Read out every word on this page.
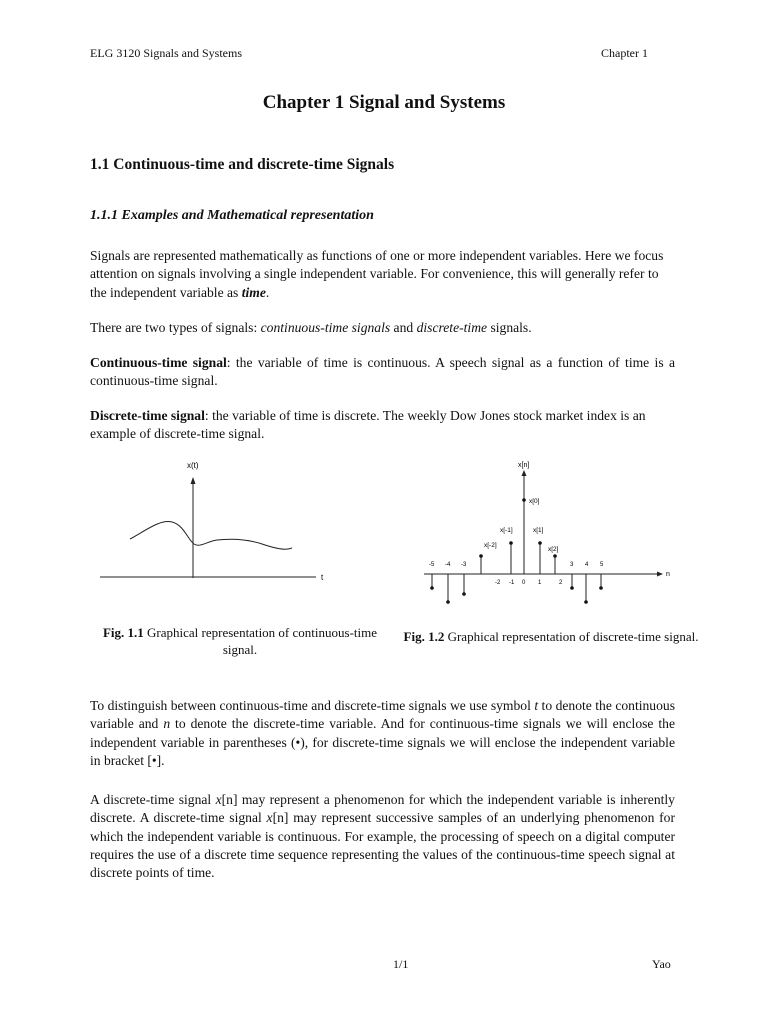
ELG 3120 Signals and Systems	Chapter 1
Chapter 1 Signal and Systems
1.1 Continuous-time and discrete-time Signals
1.1.1 Examples and Mathematical representation
Signals are represented mathematically as functions of one or more independent variables. Here we focus attention on signals involving a single independent variable. For convenience, this will generally refer to the independent variable as time.
There are two types of signals: continuous-time signals and discrete-time signals.
Continuous-time signal: the variable of time is continuous. A speech signal as a function of time is a continuous-time signal.
Discrete-time signal: the variable of time is discrete. The weekly Dow Jones stock market index is an example of discrete-time signal.
x(t)
t
x[n]
n
x[0]
x[-1]	x[1]
x[-2]
x[2]
-5 -4 -3
-2 -1 0 1	2
3 4 5
Fig. 1.1 Graphical representation of continuous-time signal.
Fig. 1.2 Graphical representation of discrete-time signal.
To distinguish between continuous-time and discrete-time signals we use symbol t to denote the continuous variable and n to denote the discrete-time variable. And for continuous-time signals we will enclose the independent variable in parentheses (•), for discrete-time signals we will enclose the independent variable in bracket [•].
A discrete-time signal x[n] may represent a phenomenon for which the independent variable is inherently discrete. A discrete-time signal x[n] may represent successive samples of an underlying phenomenon for which the independent variable is continuous. For example, the processing of speech on a digital computer requires the use of a discrete time sequence representing the values of the continuous-time speech signal at discrete points of time.
1/1	Yao
